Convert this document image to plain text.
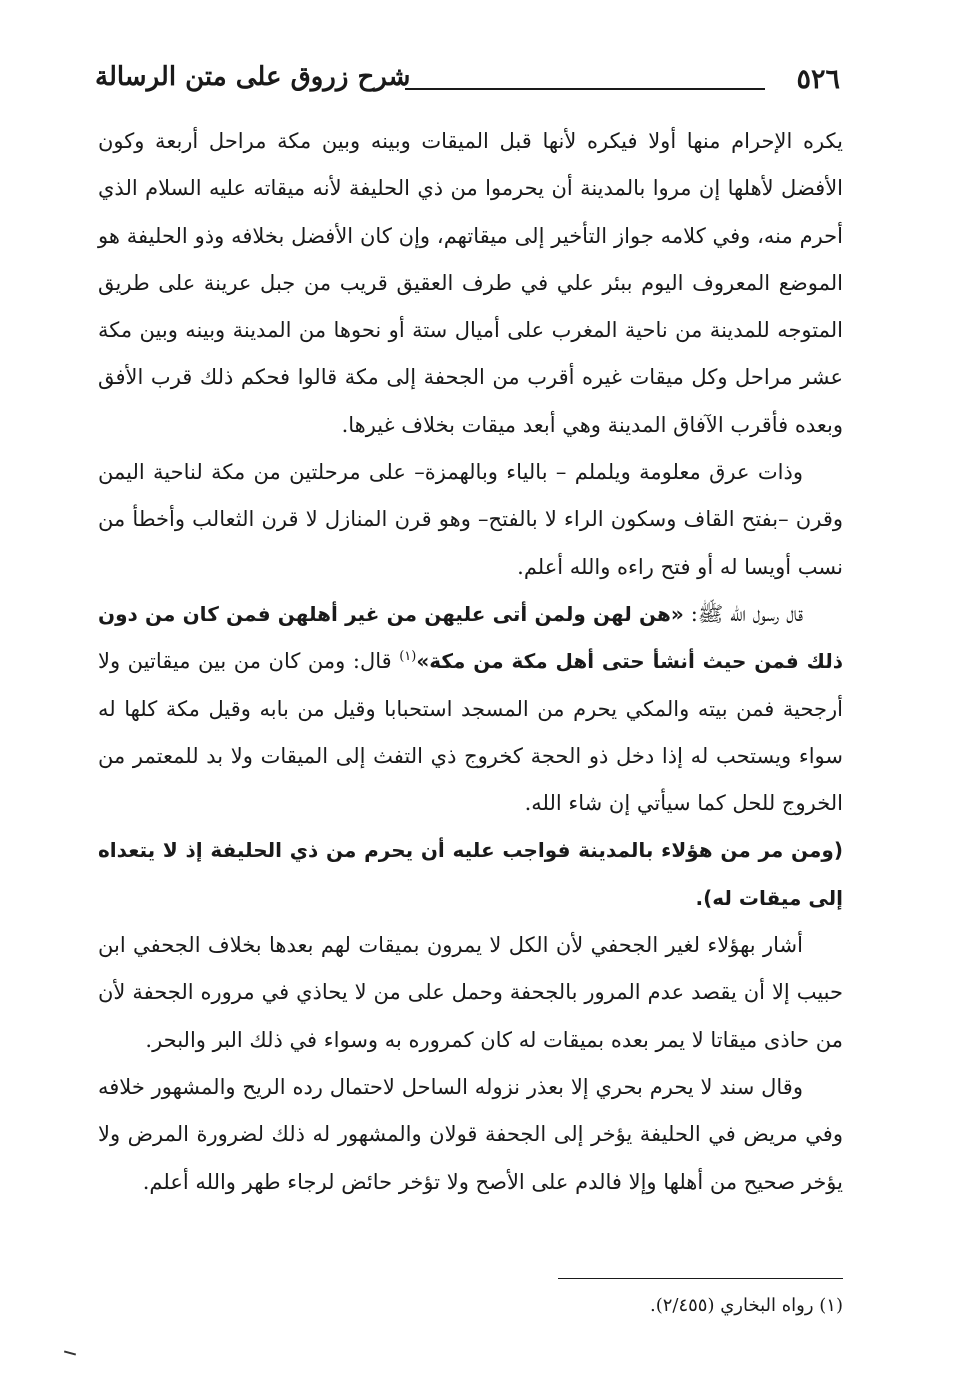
٥٢٦
شرح زروق على متن الرسالة

يكره الإحرام منها أولا فيكره لأنها قبل الميقات وبينه وبين مكة مراحل أربعة وكون الأفضل لأهلها إن مروا بالمدينة أن يحرموا من ذي الحليفة لأنه ميقاته عليه السلام الذي أحرم منه، وفي كلامه جواز التأخير إلى ميقاتهم، وإن كان الأفضل بخلافه وذو الحليفة هو الموضع المعروف اليوم ببئر علي في طرف العقيق قريب من جبل عرينة على طريق المتوجه للمدينة من ناحية المغرب على أميال ستة أو نحوها من المدينة وبينه وبين مكة عشر مراحل وكل ميقات غيره أقرب من الجحفة إلى مكة قالوا فحكم ذلك قرب الأفق وبعده فأقرب الآفاق المدينة وهي أبعد ميقات بخلاف غيرها.

وذات عرق معلومة ويلملم – بالياء وبالهمزة– على مرحلتين من مكة لناحية اليمن وقرن –بفتح القاف وسكون الراء لا بالفتح– وهو قرن المنازل لا قرن الثعالب وأخطأ من نسب أويسا له أو فتح راءه والله أعلم.

قال رسول الله ﷺ: «هن لهن ولمن أتى عليهن من غير أهلهن فمن كان من دون ذلك فمن حيث أنشأ حتى أهل مكة من مكة»$^{(١)}$ قال: ومن كان من بين ميقاتين ولا أرجحية فمن بيته والمكي يحرم من المسجد استحبابا وقيل من بابه وقيل مكة كلها له سواء ويستحب له إذا دخل ذو الحجة كخروج ذي التفث إلى الميقات ولا بد للمعتمر من الخروج للحل كما سيأتي إن شاء الله.

(ومن مر من هؤلاء بالمدينة فواجب عليه أن يحرم من ذي الحليفة إذ لا يتعداه إلى ميقات له).

أشار بهؤلاء لغير الجحفي لأن الكل لا يمرون بميقات لهم بعدها بخلاف الجحفي ابن حبيب إلا أن يقصد عدم المرور بالجحفة وحمل على من لا يحاذي في مروره الجحفة لأن من حاذى ميقاتا لا يمر بعده بميقات له كان كمروره به وسواء في ذلك البر والبحر.

وقال سند لا يحرم بحري إلا بعذر نزوله الساحل لاحتمال رده الريح والمشهور خلافه وفي مريض في الحليفة يؤخر إلى الجحفة قولان والمشهور له ذلك لضرورة المرض ولا يؤخر صحيح من أهلها وإلا فالدم على الأصح ولا تؤخر حائض لرجاء طهر والله أعلم.

(١) رواه البخاري (٢/٤٥٥).
